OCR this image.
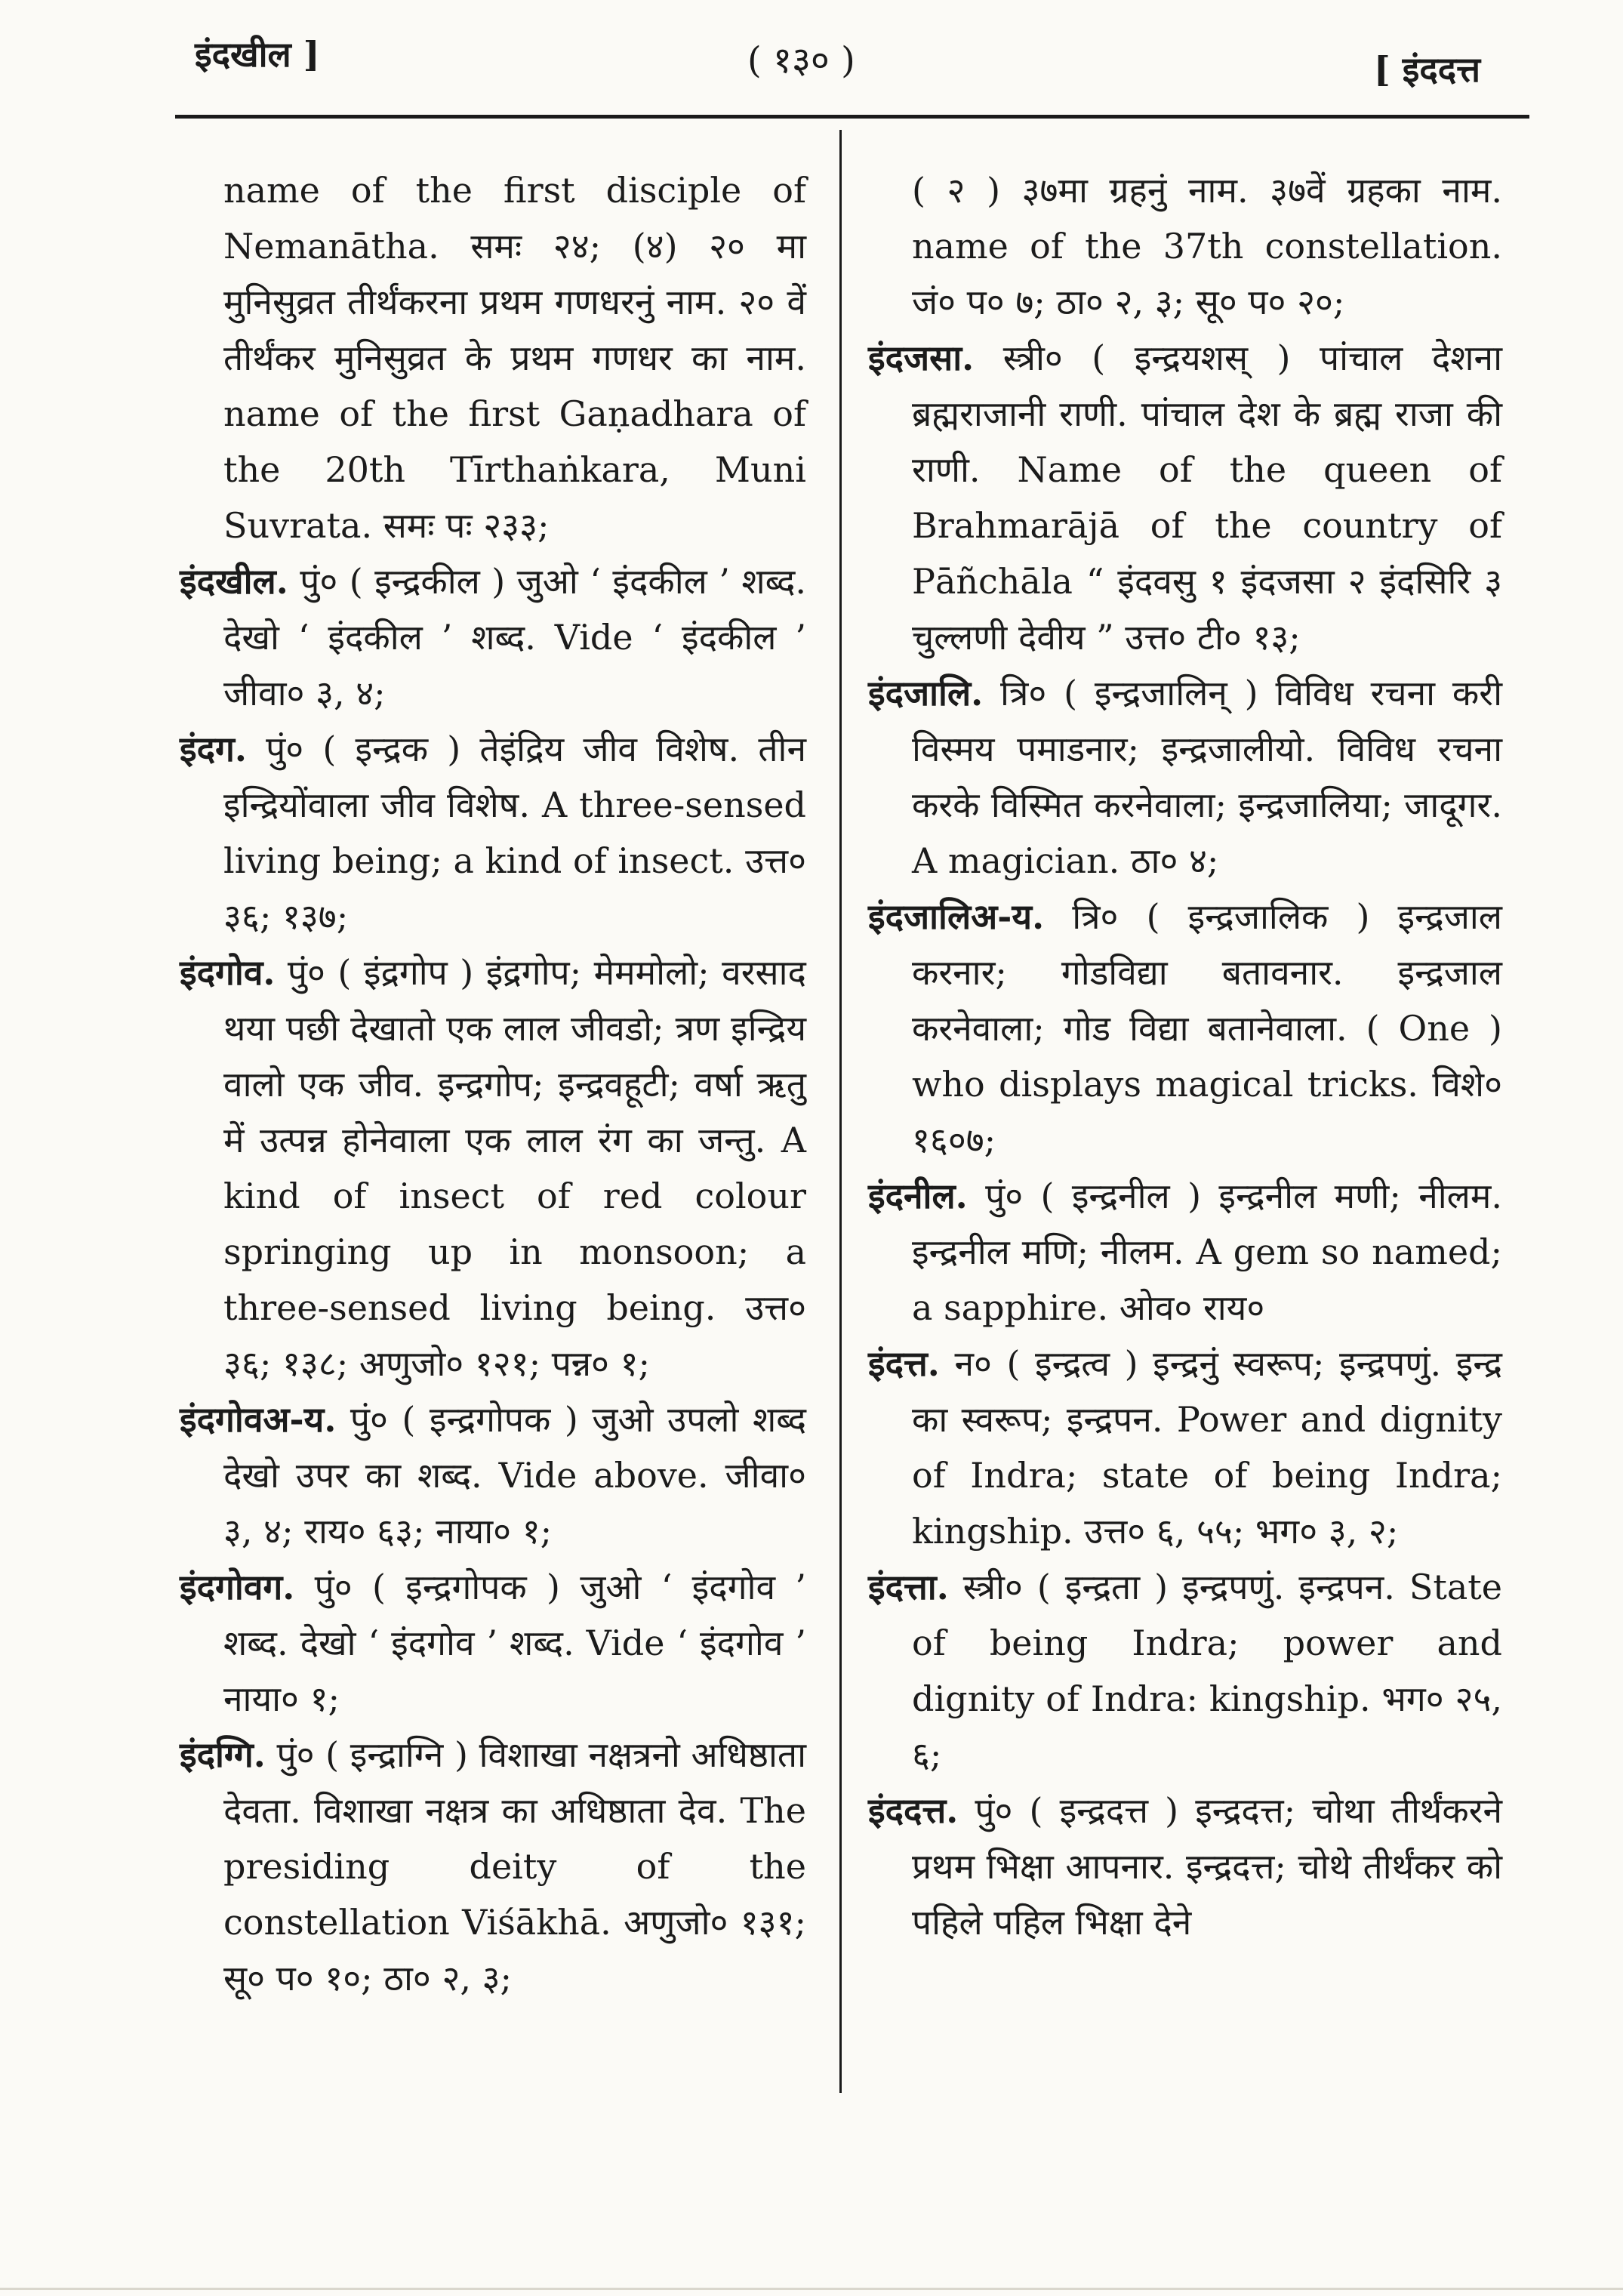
इंदखील ]	( १३० )	[ इंददत्त

name of the first disciple of Nemanātha. समः २४; (४) २० मा मुनिसुव्रत तीर्थंकरना प्रथम गणधरनुं नाम. २० वें तीर्थंकर मुनिसुव्रत के प्रथम गणधर का नाम. name of the first Gaṇadhara of the 20th Tīrthaṅkara, Muni Suvrata. समः पः २३३;

इंदखील. पुं० ( इन्द्रकील ) जुओ ‘ इंदकील ’ शब्द. देखो ‘ इंदकील ’ शब्द. Vide ‘ इंदकील ’ जीवा० ३, ४;

इंदग. पुं० ( इन्द्रक ) तेइंद्रिय जीव विशेष. तीन इन्द्रियोंवाला जीव विशेष. A three-sensed living being; a kind of insect. उत्त० ३६; १३७;

इंदगोव. पुं० ( इंद्रगोप ) इंद्रगोप; मेममोलो; वरसाद थया पछी देखातो एक लाल जीवडो; त्रण इन्द्रिय वालो एक जीव. इन्द्रगोप; इन्द्रवहूटी; वर्षा ऋतु में उत्पन्न होनेवाला एक लाल रंग का जन्तु. A kind of insect of red colour springing up in monsoon; a three-sensed living being. उत्त० ३६; १३८; अणुजो० १२१; पन्न० १;

इंदगोवअ-य. पुं० ( इन्द्रगोपक ) जुओ उपलो शब्द देखो उपर का शब्द. Vide above. जीवा० ३, ४; राय० ६३; नाया० १;

इंदगोवग. पुं० ( इन्द्रगोपक ) जुओ ‘ इंदगोव ’ शब्द. देखो ‘ इंदगोव ’ शब्द. Vide ‘ इंदगोव ’ नाया० १;

इंदग्गि. पुं० ( इन्द्राग्नि ) विशाखा नक्षत्रनो अधिष्ठाता देवता. विशाखा नक्षत्र का अधिष्ठाता देव. The presiding deity of the constellation Viśākhā. अणुजो० १३१; सू० प० १०; ठा० २, ३;

( २ ) ३७मा ग्रहनुं नाम. ३७वें ग्रहका नाम. name of the 37th constellation. जं० प० ७; ठा० २, ३; सू० प० २०;

इंदजसा. स्त्री० ( इन्द्रयशस् ) पांचाल देशना ब्रह्मराजानी राणी. पांचाल देश के ब्रह्म राजा की राणी. Name of the queen of Brahmarājā of the country of Pāñchāla “ इंदवसु १ इंदजसा २ इंदसिरि ३ चुल्लणी देवीय ” उत्त० टी० १३;

इंदजालि. त्रि० ( इन्द्रजालिन् ) विविध रचना करी विस्मय पमाडनार; इन्द्रजालीयो. विविध रचना करके विस्मित करनेवाला; इन्द्रजालिया; जादूगर. A magician. ठा० ४;

इंदजालिअ-य. त्रि० ( इन्द्रजालिक ) इन्द्रजाल करनार; गोडविद्या बतावनार. इन्द्रजाल करनेवाला; गोड विद्या बतानेवाला. ( One ) who displays magical tricks. विशे० १६०७;

इंदनील. पुं० ( इन्द्रनील ) इन्द्रनील मणी; नीलम. इन्द्रनील मणि; नीलम. A gem so named; a sapphire. ओव० राय०

इंदत्त. न० ( इन्द्रत्व ) इन्द्रनुं स्वरूप; इन्द्रपणुं. इन्द्र का स्वरूप; इन्द्रपन. Power and dignity of Indra; state of being Indra; kingship. उत्त० ६, ५५; भग० ३, २;

इंदत्ता. स्त्री० ( इन्द्रता ) इन्द्रपणुं. इन्द्रपन. State of being Indra; power and dignity of Indra: kingship. भग० २५, ६;

इंददत्त. पुं० ( इन्द्रदत्त ) इन्द्रदत्त; चोथा तीर्थंकरने प्रथम भिक्षा आपनार. इन्द्रदत्त; चोथे तीर्थंकर को पहिले पहिल भिक्षा देने
